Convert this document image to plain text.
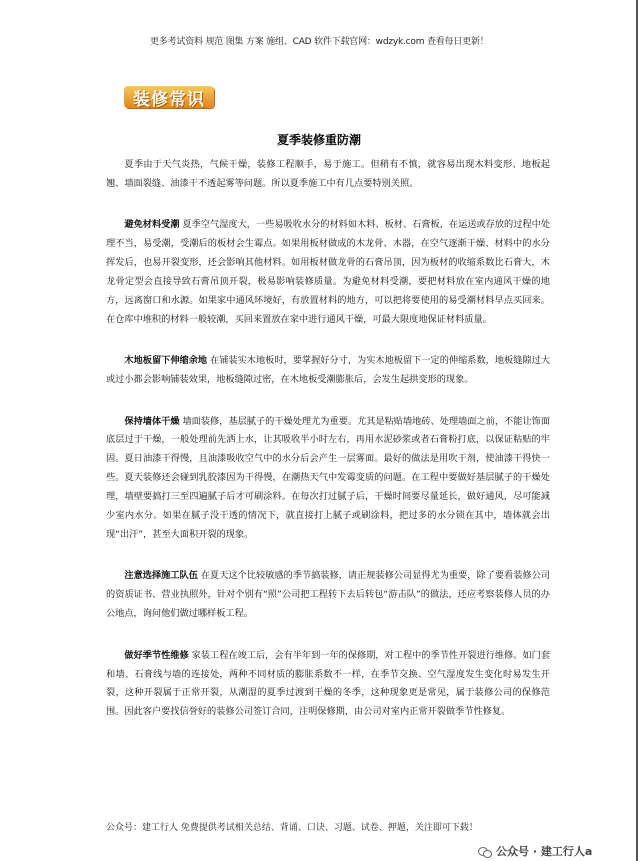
更多考试资料 规范 图集 方案 施组、CAD 软件下载官网：wdzyk.com 查看每日更新！
装修常识
夏季装修重防潮

夏季由于天气炎热，气候干燥，装修工程顺手，易于施工。但稍有不慎，就容易出现木料变形、地板起翘、墙面裂缝、油漆干不透起雾等问题。所以夏季施工中有几点要特别关照。

避免材料受潮 夏季空气湿度大，一些易吸收水分的材料如木料、板材、石膏板，在运送或存放的过程中处理不当，易受潮，受潮后的板材会生霉点。如果用板材做成的木龙骨、木器，在空气逐渐干燥、材料中的水分挥发后，也易开裂变形，还会影响其他材料。如用板材做龙骨的石膏吊顶，因为板材的收缩系数比石膏大，木龙骨定型会直接导致石膏吊顶开裂，极易影响装修质量。为避免材料受潮，要把材料放在室内通风干燥的地方，远离窗口和水源。如果家中通风环境好，有放置材料的地方，可以把将要使用的易受潮材料早点买回来。在仓库中堆积的材料一般较潮，买回来置放在家中进行通风干燥，可最大限度地保证材料质量。

木地板留下伸缩余地 在铺装实木地板时，要掌握好分寸，为实木地板留下一定的伸缩系数，地板缝隙过大或过小都会影响铺装效果，地板缝隙过密，在木地板受潮膨胀后，会发生起拱变形的现象。

保持墙体干燥 墙面装修，基层腻子的干燥处理尤为重要。尤其是粘贴墙地砖、处理墙面之前，不能让饰面底层过于干燥，一般处理前先洒上水，让其吸收半小时左右，再用水泥砂浆或者石膏粉打底，以保证粘贴的牢固。夏日油漆干得慢，且油漆吸收空气中的水分后会产生一层雾面。最好的做法是用吹干剂，使油漆干得快一些。夏天装修还会碰到乳胶漆因为干得慢，在潮热天气中发霉变质的问题。在工程中要做好基层腻子的干燥处理，墙壁要搞打三至四遍腻子后才可刷涂料。在每次打过腻子后，干燥时间要尽量延长，做好通风，尽可能减少室内水分。如果在腻子没干透的情况下，就直接打上腻子或刷涂料，把过多的水分锁在其中，墙体就会出现“出汗”，甚至大面积开裂的现象。

注意选择施工队伍 在夏天这个比较敏感的季节搞装修，请正规装修公司显得尤为重要，除了要看装修公司的资质证书、营业执照外，针对个别有“照”公司把工程转下去后转包“游击队”的做法，还应考察装修人员的办公地点，询问他们做过哪样板工程。

做好季节性维修 家装工程在竣工后，会有半年到一年的保修期，对工程中的季节性开裂进行维修。如门套和墙、石膏线与墙的连接处，两种不同材质的膨胀系数不一样，在季节交换、空气湿度发生变化时易发生开裂，这种开裂属于正常开裂，从潮湿的夏季过渡到干燥的冬季，这种现象更是常见，属于装修公司的保修范围。因此客户要找信誉好的装修公司签订合同，注明保修期，由公司对室内正常开裂做季节性修复。

公众号：建工行人 免费提供考试相关总结、背诵、口诀、习题、试卷、押题，关注即可下载！
公众号 · 建工行人a
